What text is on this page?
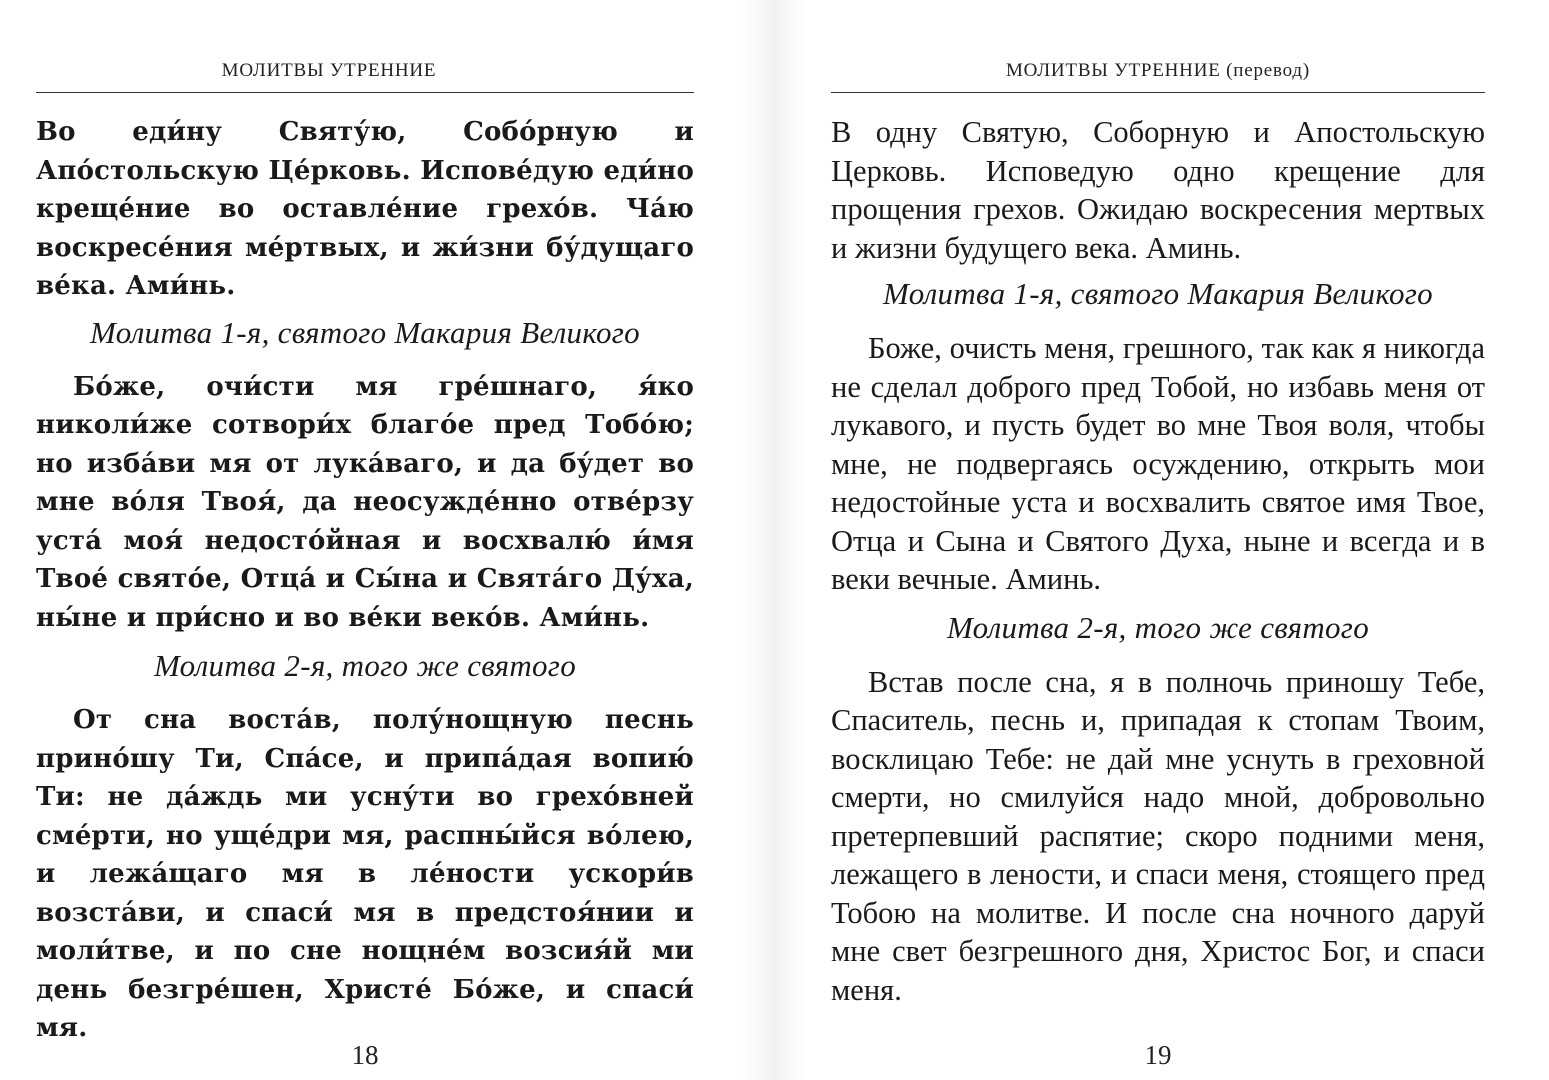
МОЛИТВЫ УТРЕННИЕ

Во еди́ну Святу́ю, Собо́рную и Апо́стольскую Це́рковь. Испове́дую еди́но креще́ние во оставле́ние грехо́в. Ча́ю воскресе́ния ме́ртвых, и жи́зни бу́дущаго ве́ка. Ами́нь.

Молитва 1-я, святого Макария Великого

Бо́же, очи́сти мя гре́шнаго, я́ко николи́же сотвори́х благо́е пред Тобо́ю; но изба́ви мя от лука́ваго, и да бу́дет во мне во́ля Твоя́, да неосужде́нно отве́рзу уста́ моя́ недосто́йная и восхвалю́ и́мя Твое́ свято́е, Отца́ и Сы́на и Свята́го Ду́ха, ны́не и при́сно и во ве́ки веко́в. Ами́нь.

Молитва 2-я, того же святого

От сна воста́в, полу́нощную песнь прино́шу Ти, Спа́се, и припа́дая вопию́ Ти: не да́ждь ми усну́ти во грехо́вней сме́рти, но уще́дри мя, распны́йся во́лею, и лежа́щаго мя в ле́ности ускори́в возста́ви, и спаси́ мя в предстоя́нии и моли́тве, и по сне нощне́м возсия́й ми день безгре́шен, Христе́ Бо́же, и спаси́ мя.

18
МОЛИТВЫ УТРЕННИЕ (перевод)

В одну Святую, Соборную и Апостольскую Церковь. Исповедую одно крещение для прощения грехов. Ожидаю воскресения мертвых и жизни будущего века. Аминь.

Молитва 1-я, святого Макария Великого

Боже, очисть меня, грешного, так как я никогда не сделал доброго пред Тобой, но избавь меня от лукавого, и пусть будет во мне Твоя воля, чтобы мне, не подвергаясь осуждению, открыть мои недостойные уста и восхвалить святое имя Твое, Отца и Сына и Святого Духа, ныне и всегда и в веки вечные. Аминь.

Молитва 2-я, того же святого

Встав после сна, я в полночь приношу Тебе, Спаситель, песнь и, припадая к стопам Твоим, восклицаю Тебе: не дай мне уснуть в греховной смерти, но смилуйся надо мной, добровольно претерпевший распятие; скоро подними меня, лежащего в лености, и спаси меня, стоящего пред Тобою на молитве. И после сна ночного даруй мне свет безгрешного дня, Христос Бог, и спаси меня.

19
